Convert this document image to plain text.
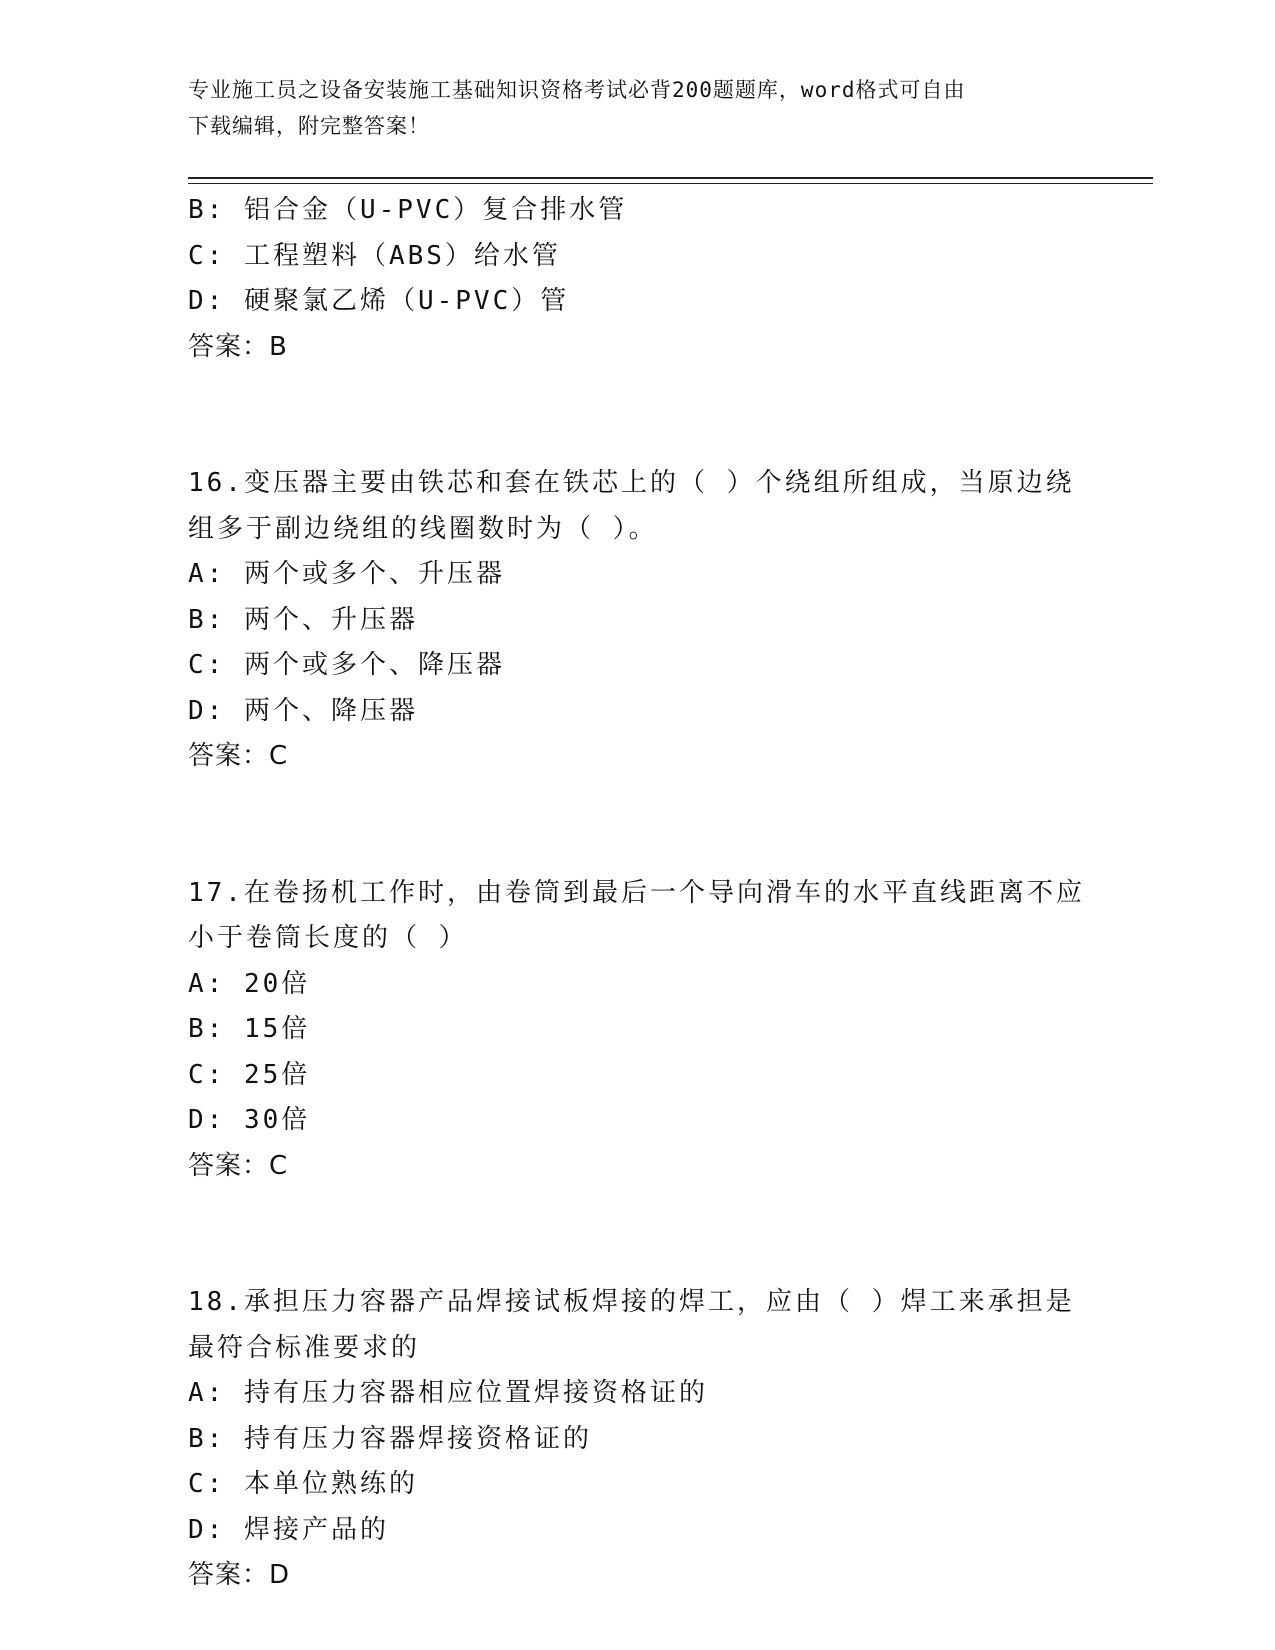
专业施工员之设备安装施工基础知识资格考试必背200题题库，word格式可自由
下载编辑，附完整答案！
B: 铝合金（U-PVC）复合排水管
C: 工程塑料（ABS）给水管
D: 硬聚氯乙烯（U-PVC）管
答案：B
16.变压器主要由铁芯和套在铁芯上的（ ）个绕组所组成，当原边绕
组多于副边绕组的线圈数时为（ ）。
A: 两个或多个、升压器
B: 两个、升压器
C: 两个或多个、降压器
D: 两个、降压器
答案：C
17.在卷扬机工作时，由卷筒到最后一个导向滑车的水平直线距离不应
小于卷筒长度的（ ）
A: 20倍
B: 15倍
C: 25倍
D: 30倍
答案：C
18.承担压力容器产品焊接试板焊接的焊工，应由（ ）焊工来承担是
最符合标准要求的
A: 持有压力容器相应位置焊接资格证的
B: 持有压力容器焊接资格证的
C: 本单位熟练的
D: 焊接产品的
答案：D
